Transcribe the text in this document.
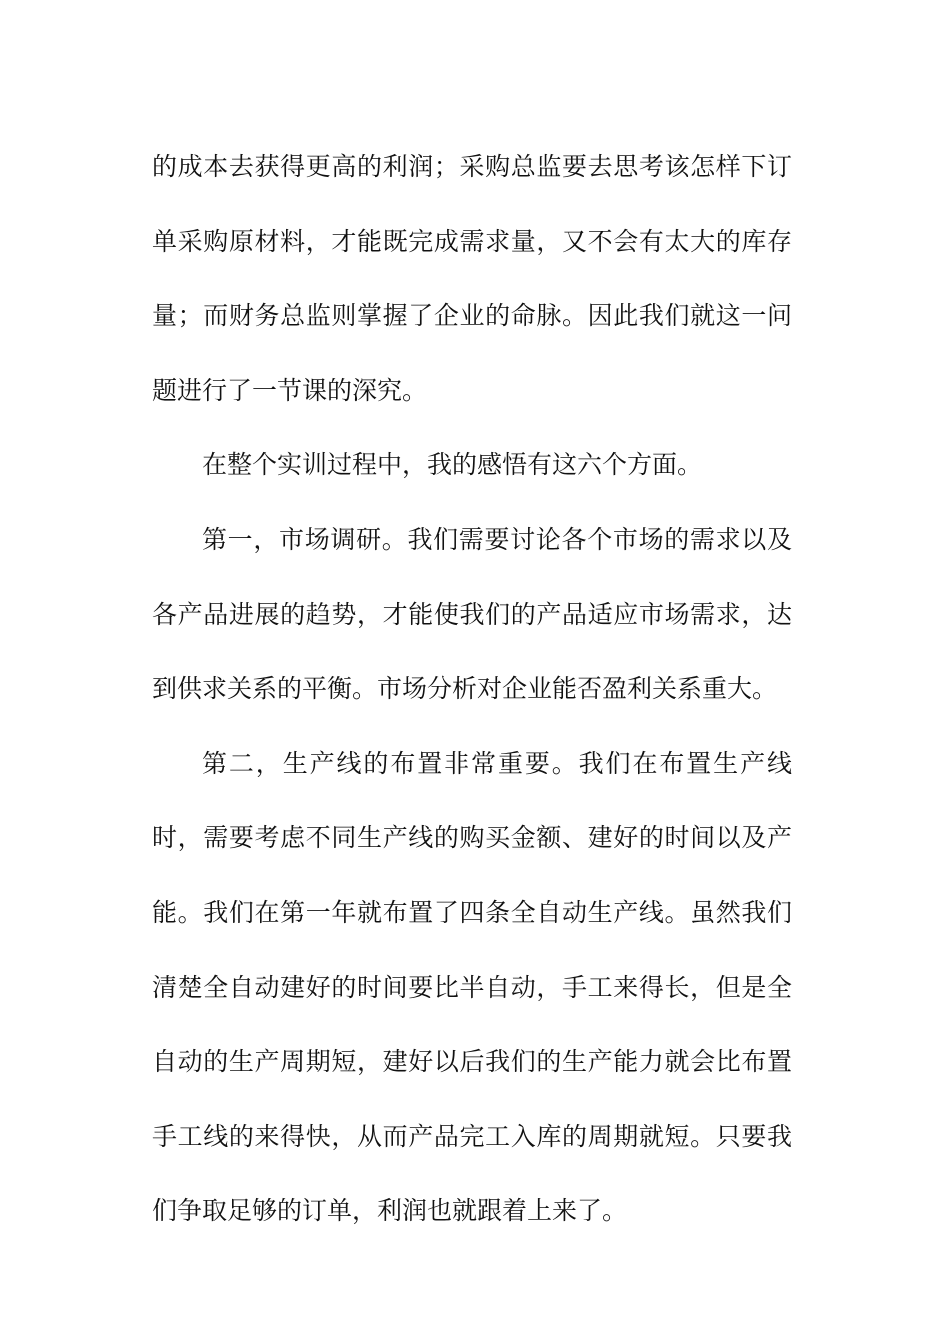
的成本去获得更高的利润；采购总监要去思考该怎样下订
单采购原材料，才能既完成需求量，又不会有太大的库存
量；而财务总监则掌握了企业的命脉。因此我们就这一问
题进行了一节课的深究。

在整个实训过程中，我的感悟有这六个方面。

第一，市场调研。我们需要讨论各个市场的需求以及
各产品进展的趋势，才能使我们的产品适应市场需求，达
到供求关系的平衡。市场分析对企业能否盈利关系重大。

第二，生产线的布置非常重要。我们在布置生产线
时，需要考虑不同生产线的购买金额、建好的时间以及产
能。我们在第一年就布置了四条全自动生产线。虽然我们
清楚全自动建好的时间要比半自动，手工来得长，但是全
自动的生产周期短，建好以后我们的生产能力就会比布置
手工线的来得快，从而产品完工入库的周期就短。只要我
们争取足够的订单，利润也就跟着上来了。
